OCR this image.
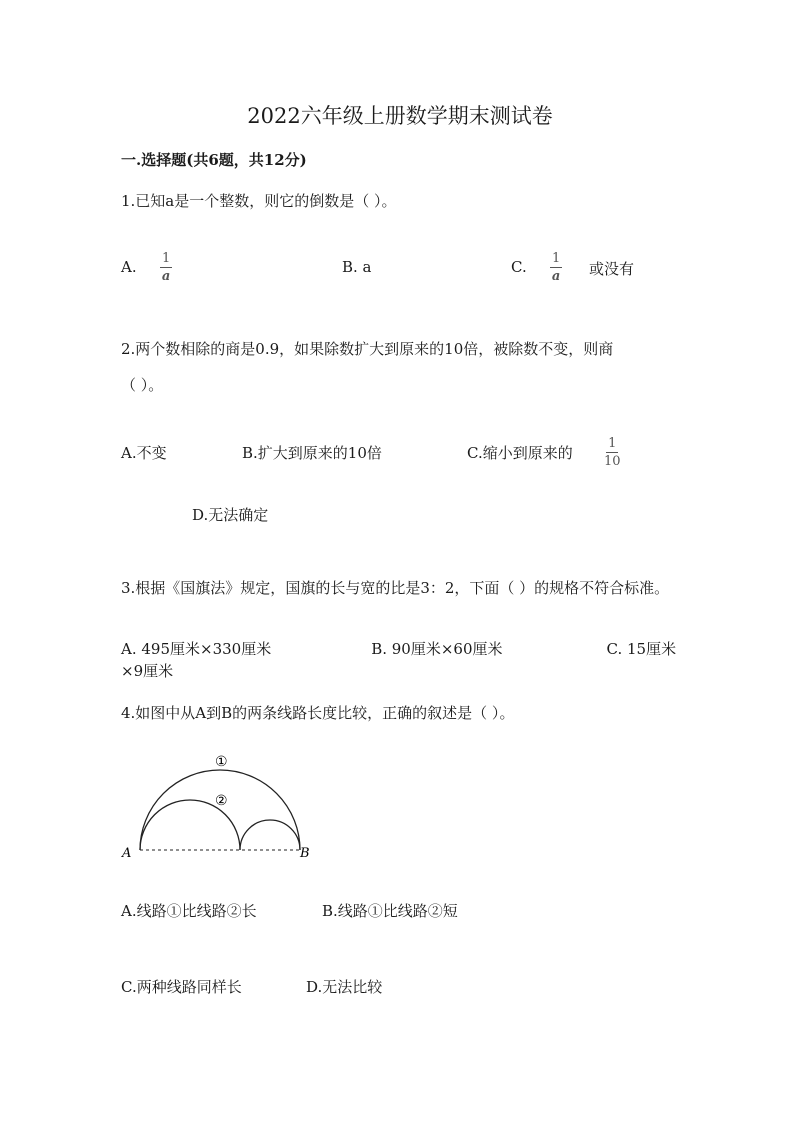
2022六年级上册数学期末测试卷
一.选择题(共6题，共12分)
1.已知a是一个整数，则它的倒数是（ ）。
A. $\frac{1}{a}$	B. a	C. $\frac{1}{a}$ 或没有
2.两个数相除的商是0.9，如果除数扩大到原来的10倍，被除数不变，则商
（ ）。
A.不变	B.扩大到原来的10倍	C.缩小到原来的 $\frac{1}{10}$
D.无法确定
3.根据《国旗法》规定，国旗的长与宽的比是3：2，下面（ ）的规格不符合标准。
A. 495厘米×330厘米	B. 90厘米×60厘米	C. 15厘米×9厘米
4.如图中从A到B的两条线路长度比较，正确的叙述是（ ）。
A	B
①
②
A.线路①比线路②长	B.线路①比线路②短
C.两种线路同样长	D.无法比较
